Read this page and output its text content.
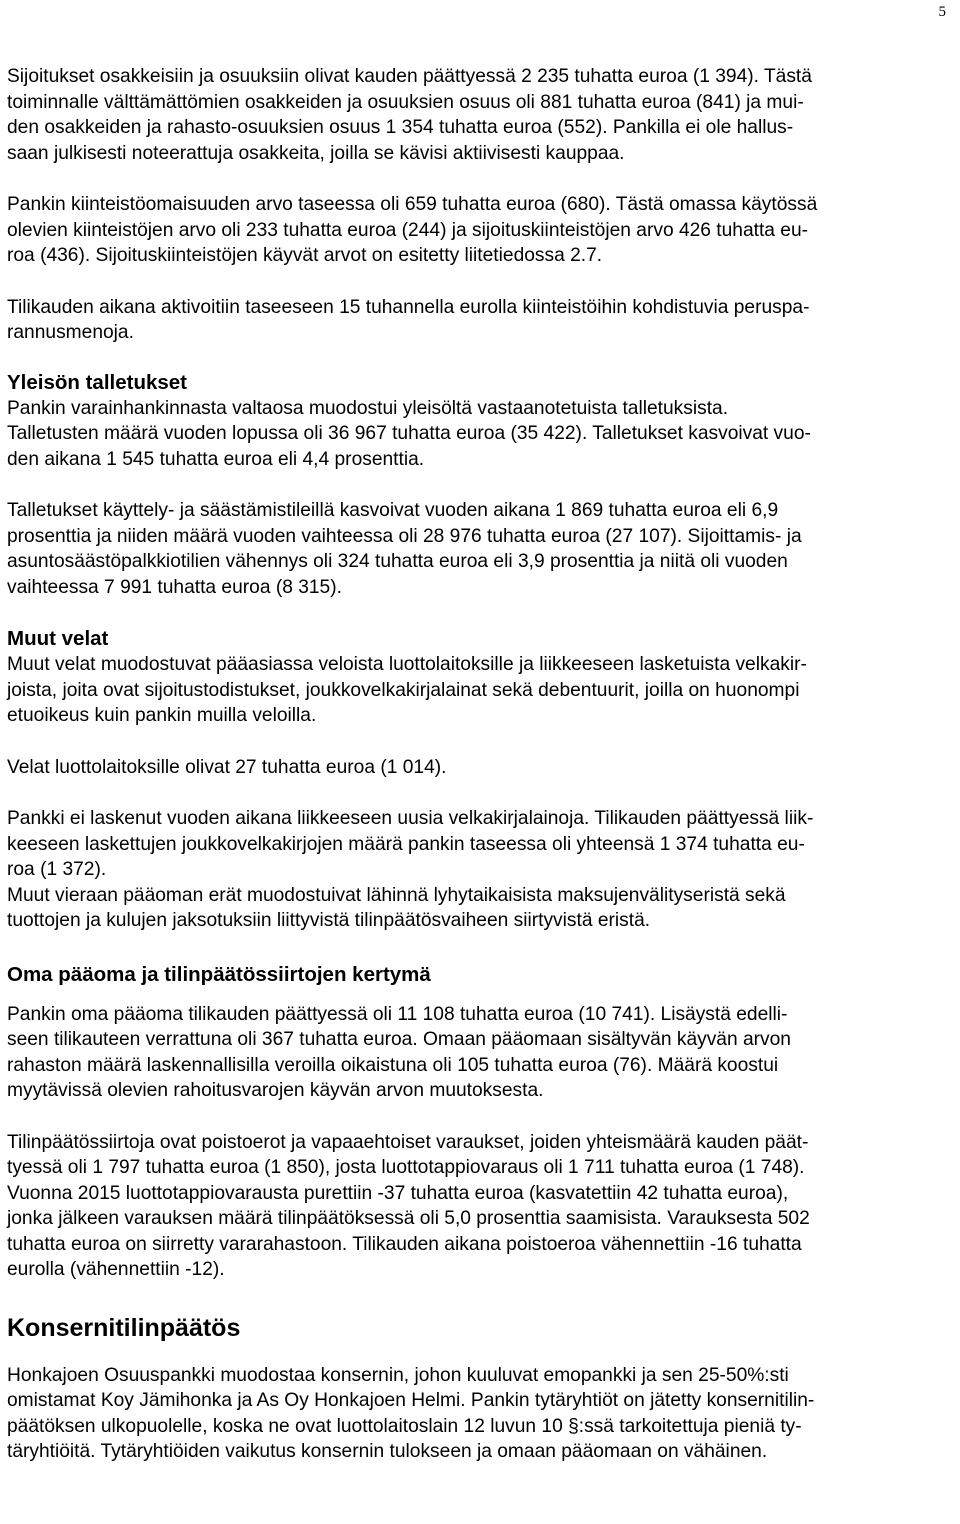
5
Sijoitukset osakkeisiin ja osuuksiin olivat kauden päättyessä 2 235 tuhatta euroa (1 394). Tästä
toiminnalle välttämättömien osakkeiden ja osuuksien osuus oli 881 tuhatta euroa (841) ja mui-
den osakkeiden ja rahasto-osuuksien osuus 1 354 tuhatta euroa (552). Pankilla ei ole hallus-
saan julkisesti noteerattuja osakkeita, joilla se kävisi aktiivisesti kauppaa.
Pankin kiinteistöomaisuuden arvo taseessa oli 659 tuhatta euroa (680). Tästä omassa käytössä
olevien kiinteistöjen arvo oli 233 tuhatta euroa (244) ja sijoituskiinteistöjen arvo 426 tuhatta eu-
roa (436). Sijoituskiinteistöjen käyvät arvot on esitetty liitetiedossa 2.7.
Tilikauden aikana aktivoitiin taseeseen 15 tuhannella eurolla kiinteistöihin kohdistuvia peruspa-
rannusmenoja.
Yleisön talletukset
Pankin varainhankinnasta valtaosa muodostui yleisöltä vastaanotetuista talletuksista.
Talletusten määrä vuoden lopussa oli 36 967 tuhatta euroa (35 422). Talletukset kasvoivat vuo-
den aikana 1 545 tuhatta euroa eli 4,4 prosenttia.
Talletukset käyttely- ja säästämistileillä kasvoivat vuoden aikana 1 869 tuhatta euroa eli 6,9
prosenttia ja niiden määrä vuoden vaihteessa oli 28 976 tuhatta euroa (27 107). Sijoittamis- ja
asuntosäästöpalkkiotilien vähennys oli 324 tuhatta euroa eli 3,9 prosenttia ja niitä oli vuoden
vaihteessa 7 991 tuhatta euroa (8 315).
Muut velat
Muut velat muodostuvat pääasiassa veloista luottolaitoksille ja liikkeeseen lasketuista velkakir-
joista, joita ovat sijoitustodistukset, joukkovelkakirjalainat sekä debentuurit, joilla on huonompi
etuoikeus kuin pankin muilla veloilla.
Velat luottolaitoksille olivat 27 tuhatta euroa (1 014).
Pankki ei laskenut vuoden aikana liikkeeseen uusia velkakirjalainoja. Tilikauden päättyessä liik-
keeseen laskettujen joukkovelkakirjojen määrä pankin taseessa oli yhteensä 1 374 tuhatta eu-
roa (1 372).
Muut vieraan pääoman erät muodostuivat lähinnä lyhytaikaisista maksujenvälityseristä sekä
tuottojen ja kulujen jaksotuksiin liittyvistä tilinpäätösvaiheen siirtyvistä eristä.
Oma pääoma ja tilinpäätössiirtojen kertymä
Pankin oma pääoma tilikauden päättyessä oli 11 108 tuhatta euroa (10 741). Lisäystä edelli-
seen tilikauteen verrattuna oli 367 tuhatta euroa. Omaan pääomaan sisältyvän käyvän arvon
rahaston määrä laskennallisilla veroilla oikaistuna oli 105 tuhatta euroa (76). Määrä koostui
myytävissä olevien rahoitusvarojen käyvän arvon muutoksesta.
Tilinpäätössiirtoja ovat poistoerot ja vapaaehtoiset varaukset, joiden yhteismäärä kauden päät-
tyessä oli 1 797 tuhatta euroa (1 850), josta luottotappiovaraus oli 1 711 tuhatta euroa (1 748).
Vuonna 2015 luottotappiovarausta purettiin -37 tuhatta euroa (kasvatettiin 42 tuhatta euroa),
jonka jälkeen varauksen määrä tilinpäätöksessä oli 5,0 prosenttia saamisista. Varauksesta 502
tuhatta euroa on siirretty vararahastoon. Tilikauden aikana poistoeroa vähennettiin -16 tuhatta
eurolla (vähennettiin -12).
Konsernitilinpäätös
Honkajoen Osuuspankki muodostaa konsernin, johon kuuluvat emopankki ja sen 25-50%:sti
omistamat Koy Jämihonka ja As Oy Honkajoen Helmi. Pankin tytäryhtiöt on jätetty konsernitilin-
päätöksen ulkopuolelle, koska ne ovat luottolaitoslain 12 luvun 10 §:ssä tarkoitettuja pieniä ty-
täryhtiöitä. Tytäryhtiöiden vaikutus konsernin tulokseen ja omaan pääomaan on vähäinen.
